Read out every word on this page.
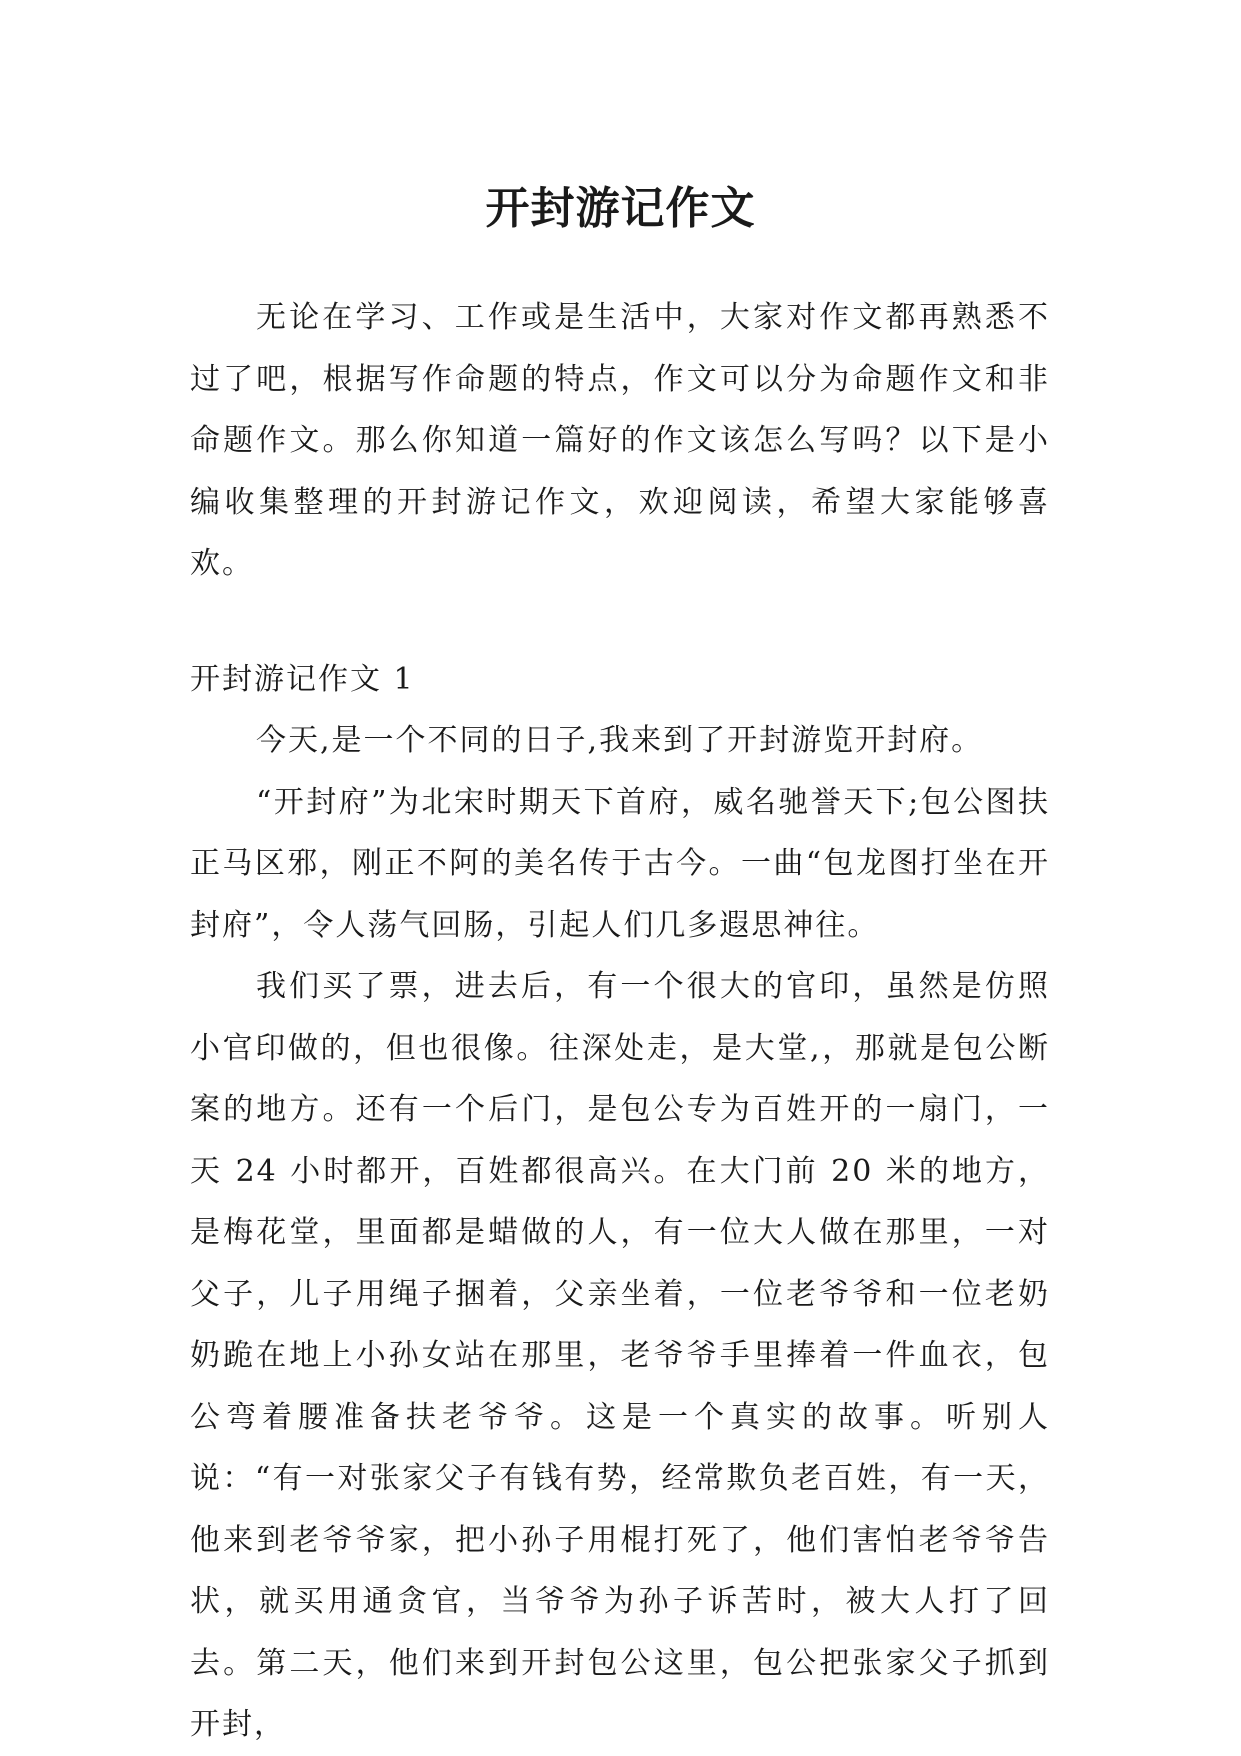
开封游记作文

无论在学习、工作或是生活中，大家对作文都再熟悉不过了吧，根据写作命题的特点，作文可以分为命题作文和非命题作文。那么你知道一篇好的作文该怎么写吗？以下是小编收集整理的开封游记作文，欢迎阅读，希望大家能够喜欢。

开封游记作文 1

今天,是一个不同的日子,我来到了开封游览开封府。

“开封府”为北宋时期天下首府，威名驰誉天下;包公图扶正马区邪，刚正不阿的美名传于古今。一曲“包龙图打坐在开封府”，令人荡气回肠，引起人们几多遐思神往。

我们买了票，进去后，有一个很大的官印，虽然是仿照小官印做的，但也很像。往深处走，是大堂,，那就是包公断案的地方。还有一个后门，是包公专为百姓开的一扇门，一天 24 小时都开，百姓都很高兴。在大门前 20 米的地方，是梅花堂，里面都是蜡做的人，有一位大人做在那里，一对父子，儿子用绳子捆着，父亲坐着，一位老爷爷和一位老奶奶跪在地上小孙女站在那里，老爷爷手里捧着一件血衣，包公弯着腰准备扶老爷爷。这是一个真实的故事。听别人说：“有一对张家父子有钱有势，经常欺负老百姓，有一天，他来到老爷爷家，把小孙子用棍打死了，他们害怕老爷爷告状，就买用通贪官，当爷爷为孙子诉苦时，被大人打了回去。第二天，他们来到开封包公这里，包公把张家父子抓到开封，
